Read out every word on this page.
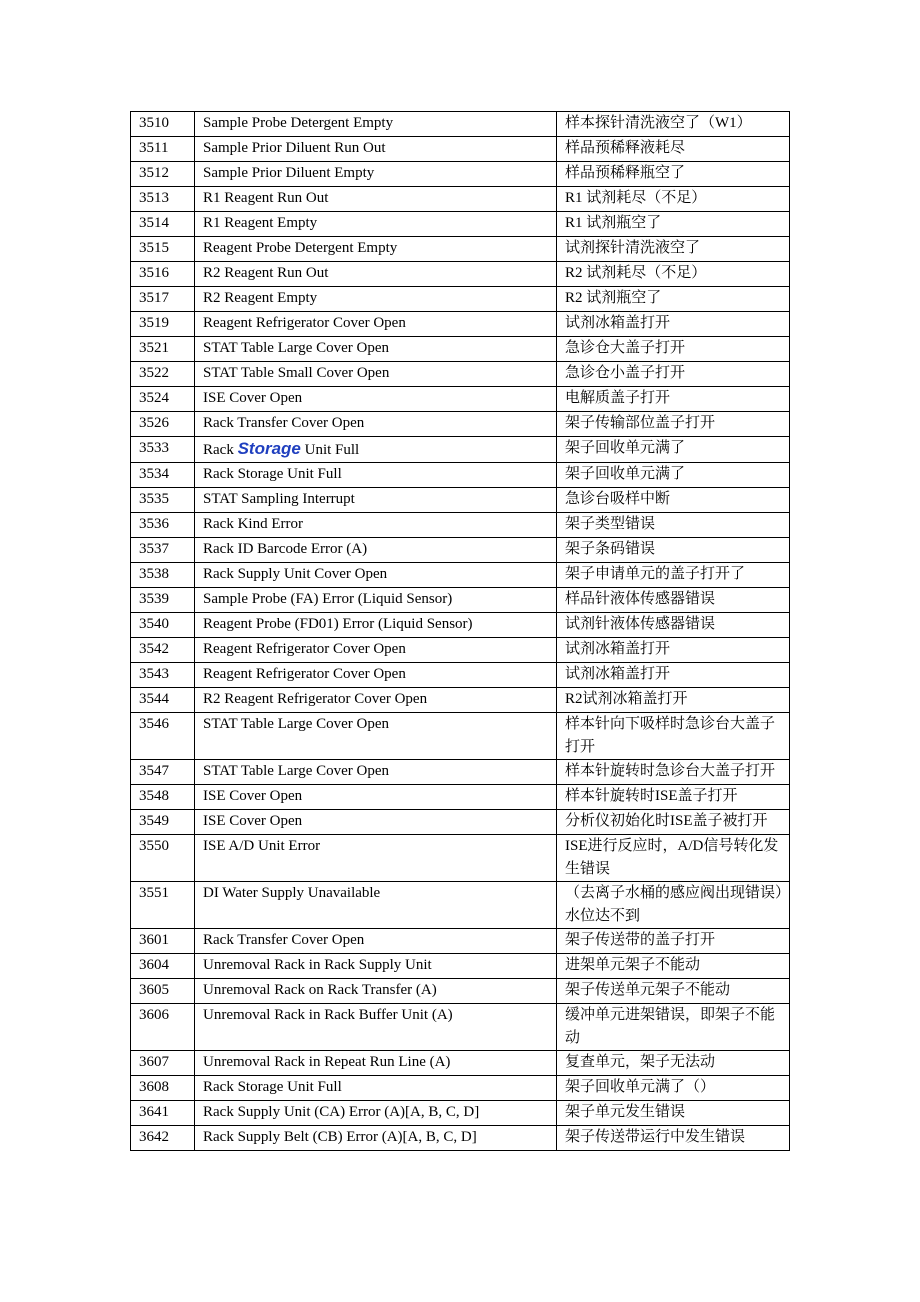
3510	Sample Probe Detergent Empty	样本探针清洗液空了（W1）
3511	Sample Prior Diluent Run Out	样品预稀释液耗尽
3512	Sample Prior Diluent Empty	样品预稀释瓶空了
3513	R1 Reagent Run Out	R1 试剂耗尽（不足）
3514	R1 Reagent Empty	R1 试剂瓶空了
3515	Reagent Probe Detergent Empty	试剂探针清洗液空了
3516	R2 Reagent Run Out	R2 试剂耗尽（不足）
3517	R2 Reagent Empty	R2 试剂瓶空了
3519	Reagent Refrigerator Cover Open	试剂冰箱盖打开
3521	STAT Table Large Cover Open	急诊仓大盖子打开
3522	STAT Table Small Cover Open	急诊仓小盖子打开
3524	ISE Cover Open	电解质盖子打开
3526	Rack Transfer Cover Open	架子传输部位盖子打开
3533	Rack Storage Unit Full	架子回收单元满了
3534	Rack Storage Unit Full	架子回收单元满了
3535	STAT Sampling Interrupt	急诊台吸样中断
3536	Rack Kind Error	架子类型错误
3537	Rack ID Barcode Error (A)	架子条码错误
3538	Rack Supply Unit Cover Open	架子申请单元的盖子打开了
3539	Sample Probe (FA) Error (Liquid Sensor)	样品针液体传感器错误
3540	Reagent Probe (FD01) Error (Liquid Sensor)	试剂针液体传感器错误
3542	Reagent Refrigerator Cover Open	试剂冰箱盖打开
3543	Reagent Refrigerator Cover Open	试剂冰箱盖打开
3544	R2 Reagent Refrigerator Cover Open	R2试剂冰箱盖打开
3546	STAT Table Large Cover Open	样本针向下吸样时急诊台大盖子打开
3547	STAT Table Large Cover Open	样本针旋转时急诊台大盖子打开
3548	ISE Cover Open	样本针旋转时ISE盖子打开
3549	ISE Cover Open	分析仪初始化时ISE盖子被打开
3550	ISE A/D Unit Error	ISE进行反应时，A/D信号转化发生错误
3551	DI Water Supply Unavailable	（去离子水桶的感应阀出现错误）水位达不到
3601	Rack Transfer Cover Open	架子传送带的盖子打开
3604	Unremoval Rack in Rack Supply Unit	进架单元架子不能动
3605	Unremoval Rack on Rack Transfer (A)	架子传送单元架子不能动
3606	Unremoval Rack in Rack Buffer Unit (A)	缓冲单元进架错误，即架子不能动
3607	Unremoval Rack in Repeat Run Line (A)	复查单元，架子无法动
3608	Rack Storage Unit Full	架子回收单元满了（）
3641	Rack Supply Unit (CA) Error (A)[A, B, C, D]	架子单元发生错误
3642	Rack Supply Belt (CB) Error (A)[A, B, C, D]	架子传送带运行中发生错误
